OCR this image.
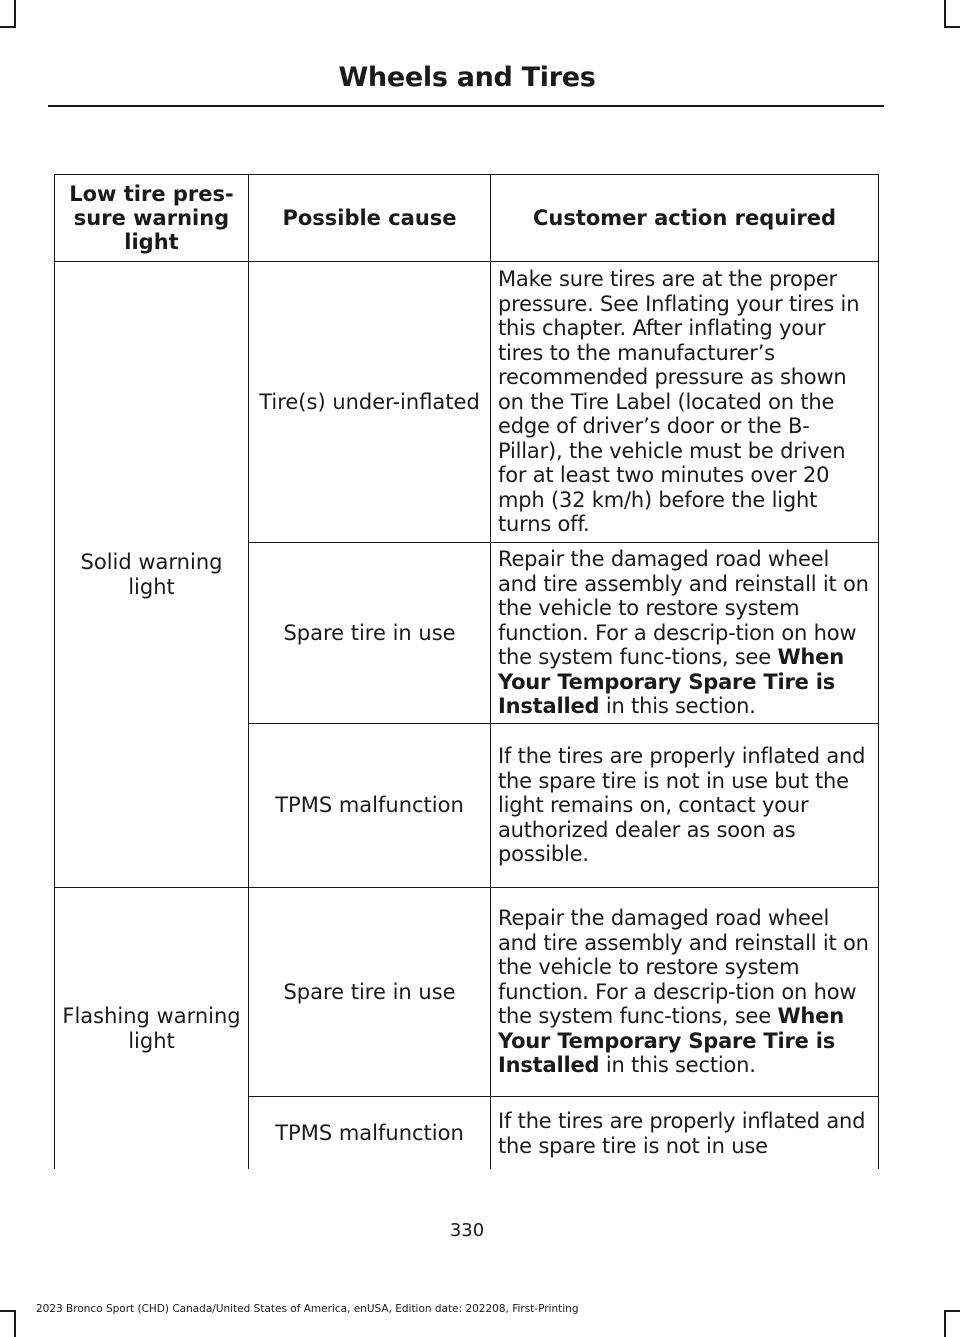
Wheels and Tires
Low tire pres-sure warning light	Possible cause	Customer action required
Solid warning light	Tire(s) under-inflated	Make sure tires are at the proper pressure. See Inflating your tires in this chapter. After inflating your tires to the manufacturer’s recommended pressure as shown on the Tire Label (located on the edge of driver’s door or the B-Pillar), the vehicle must be driven for at least two minutes over 20 mph (32 km/h) before the light turns off.
	Spare tire in use	Repair the damaged road wheel and tire assembly and reinstall it on the vehicle to restore system function. For a descrip-tion on how the system func-tions, see When Your Temporary Spare Tire is Installed in this section.
	TPMS malfunction	If the tires are properly inflated and the spare tire is not in use but the light remains on, contact your authorized dealer as soon as possible.
Flashing warning light	Spare tire in use	Repair the damaged road wheel and tire assembly and reinstall it on the vehicle to restore system function. For a descrip-tion on how the system func-tions, see When Your Temporary Spare Tire is Installed in this section.
	TPMS malfunction	If the tires are properly inflated and the spare tire is not in use
330
2023 Bronco Sport (CHD) Canada/United States of America, enUSA, Edition date: 202208, First-Printing
